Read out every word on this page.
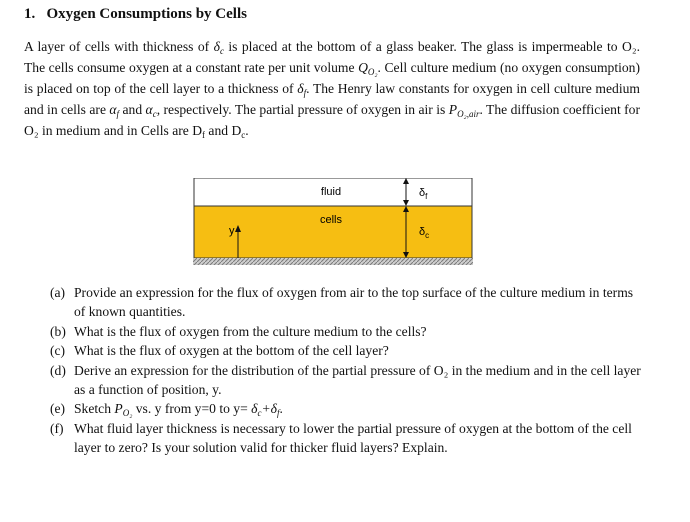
1. Oxygen Consumptions by Cells
A layer of cells with thickness of $\delta_c$ is placed at the bottom of a glass beaker. The glass is impermeable to O₂. The cells consume oxygen at a constant rate per unit volume $Q_{O_2}$. Cell culture medium (no oxygen consumption) is placed on top of the cell layer to a thickness of $\delta_f$. The Henry law constants for oxygen in cell culture medium and in cells are $\alpha_f$ and $\alpha_c$, respectively. The partial pressure of oxygen in air is $P_{O_2,air}$. The diffusion coefficient for O₂ in medium and in Cells are $D_f$ and $D_c$.
fluid
cells
y
$\delta_f$
$\delta_c$
(a) Provide an expression for the flux of oxygen from air to the top surface of the culture medium in terms of known quantities.
(b) What is the flux of oxygen from the culture medium to the cells?
(c) What is the flux of oxygen at the bottom of the cell layer?
(d) Derive an expression for the distribution of the partial pressure of O₂ in the medium and in the cell layer as a function of position, y.
(e) Sketch $P_{O_2}$ vs. y from y=0 to $y= \delta_c+\delta_f$.
(f) What fluid layer thickness is necessary to lower the partial pressure of oxygen at the bottom of the cell layer to zero? Is your solution valid for thicker fluid layers? Explain.
